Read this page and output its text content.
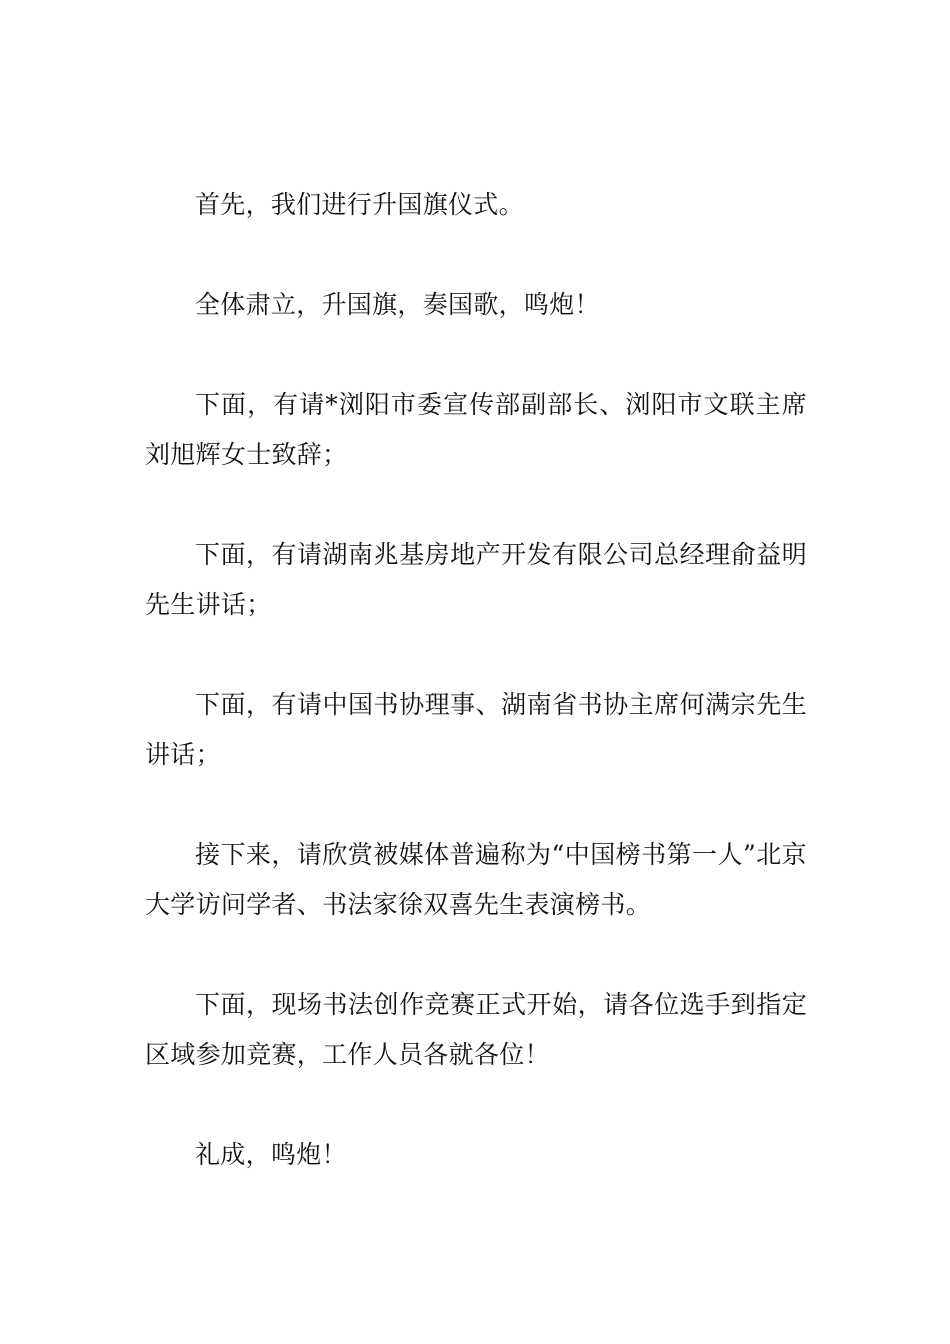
首先，我们进行升国旗仪式。

全体肃立，升国旗，奏国歌，鸣炮！

下面，有请*浏阳市委宣传部副部长、浏阳市文联主席刘旭辉女士致辞；

下面，有请湖南兆基房地产开发有限公司总经理俞益明先生讲话；

下面，有请中国书协理事、湖南省书协主席何满宗先生讲话；

接下来，请欣赏被媒体普遍称为“中国榜书第一人”北京大学访问学者、书法家徐双喜先生表演榜书。

下面，现场书法创作竞赛正式开始，请各位选手到指定区域参加竞赛，工作人员各就各位！

礼成，鸣炮！
